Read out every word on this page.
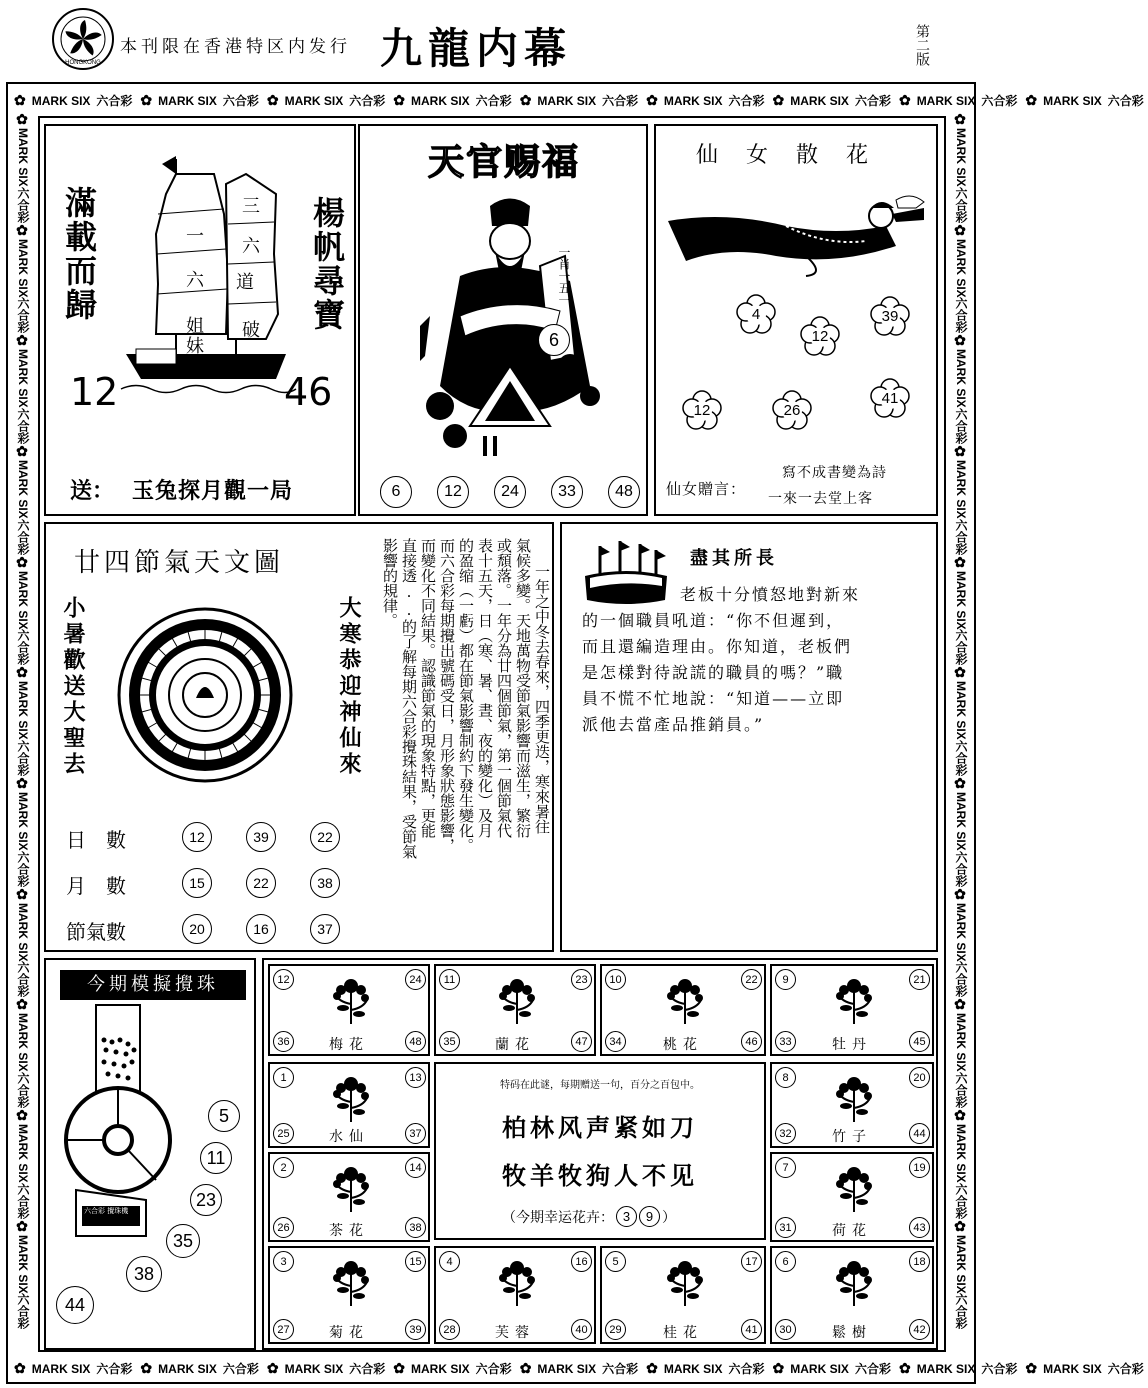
HONGKONG
本刊限在香港特区内发行 九龍内幕	第二版
✿ MARK SIX 六合彩 ✿ MARK SIX 六合彩 ✿ MARK SIX 六合彩 ✿ MARK SIX 六合彩 ✿ MARK SIX 六合彩 ✿ MARK SIX 六合彩 ✿ MARK SIX 六合彩 ✿ MARK SIX 六合彩 ✿ MARK SIX 六合彩
✿ MARK SIX 六合彩 ✿ MARK SIX 六合彩 ✿ MARK SIX 六合彩 ✿ MARK SIX 六合彩 ✿ MARK SIX 六合彩 ✿ MARK SIX 六合彩 ✿ MARK SIX 六合彩 ✿ MARK SIX 六合彩 ✿ MARK SIX 六合彩
✿MARK SIX六合彩✿MARK SIX六合彩✿MARK SIX六合彩✿MARK SIX六合彩✿MARK SIX六合彩✿MARK SIX六合彩✿MARK SIX六合彩✿MARK SIX六合彩✿MARK SIX六合彩✿MARK SIX六合彩✿MARK SIX六合彩
✿MARK SIX六合彩✿MARK SIX六合彩✿MARK SIX六合彩✿MARK SIX六合彩✿MARK SIX六合彩✿MARK SIX六合彩✿MARK SIX六合彩✿MARK SIX六合彩✿MARK SIX六合彩✿MARK SIX六合彩✿MARK SIX六合彩
滿載而歸	楊帆尋寶
12	46
送： 玉兔探月觀一局
三
六
一
道
六
姐 破
妹
天官赐福
6
一肖一五一
6	12	24	33	48
仙 女 散 花
仙女贈言：
寫不成書變為詩
一來一去堂上客
4
12
39
12	26
41
廿四節氣天文圖
小暑歡送大聖去	大寒恭迎神仙來
日　數	12	39	22
月　數	15	22	38
節氣數	20	16	37
一年之中冬去春來，四季更迭，寒來暑往
氣候多變。天地萬物受節氣影響而滋生，繁衍
或頹落。一年分為廿四個節氣，第一個節氣代
表十五天，日（寒、暑、晝、夜的變化）及月
的盈缩（一虧）都在節氣影響制約下發生變化。
而六合彩每期攪出號碼受日，月形象狀態影響，
而變化不同結果。認識節氣的現象特點，更能
直接透..的了解每期六合彩攪珠結果，受節氣
影響的規律。	盡其所長
老板十分憤怒地對新來
的一個職員吼道：“你不但遲到，
而且還編造理由。你知道，老板們
是怎樣對待說謊的職員的嗎？”職
員不慌不忙地說：“知道——立即
派他去當產品推銷員。”
今期模擬攪珠
六合彩 攪珠機
5
11
23
35
38
44
12	24
36	48
梅花
11	23
35	47
蘭花
10	22
34	46
桃花
9	21
33	45
牡丹
1	13
25	37
水仙
8	20
32	44
竹子
2	14
26	38
茶花
7	19
31	43
荷花
3	15
27	39
菊花
4	16
28	40
芙蓉
5	17
29	41
桂花
6	18
30	42
鬆樹
特码在此谜，每期赠送一句，百分之百包中。
柏林风声紧如刀
牧羊牧狗人不见
（今期幸运花卉： 3	9 ）
